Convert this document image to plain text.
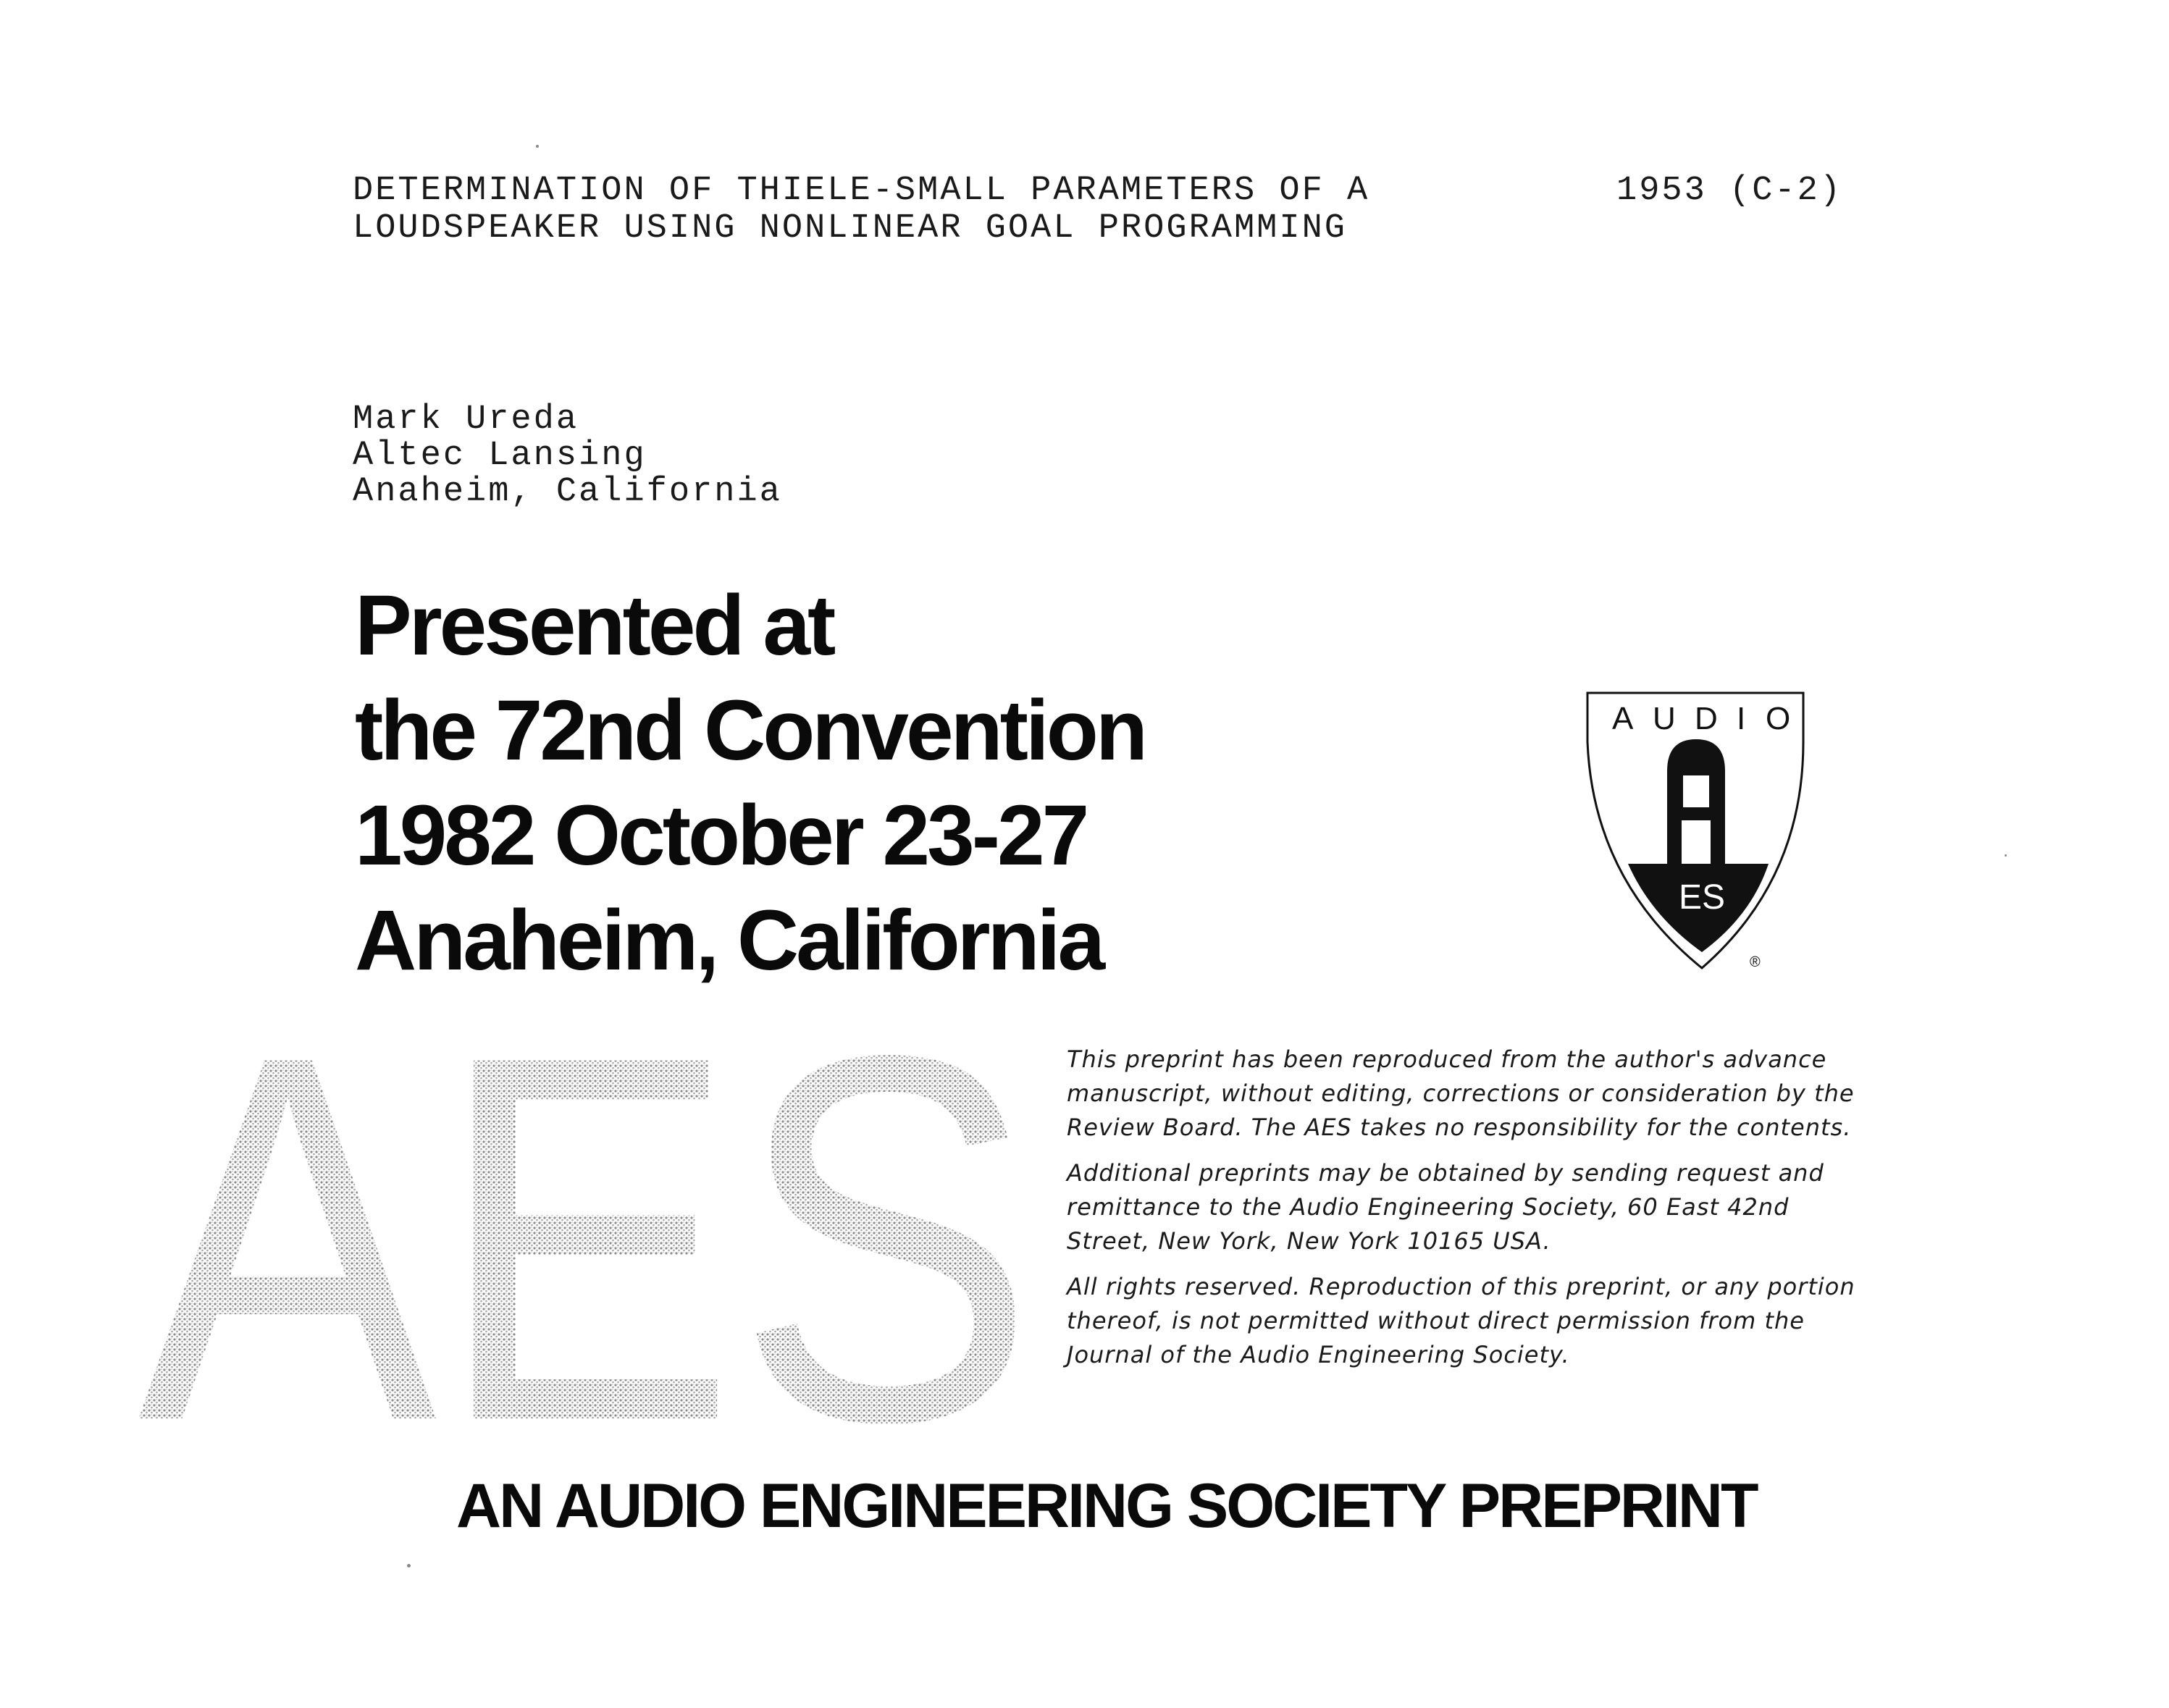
DETERMINATION OF THIELE-SMALL PARAMETERS OF A
LOUDSPEAKER USING NONLINEAR GOAL PROGRAMMING
1953 (C-2)
Mark Ureda
Altec Lansing
Anaheim, California
Presented at
the 72nd Convention
1982 October 23-27
Anaheim, California
A U D I O
ES
®
AES This preprint has been reproduced from the author's advance manuscript, without editing, corrections or consideration by the Review Board. The AES takes no responsibility for the contents.

Additional preprints may be obtained by sending request and remittance to the Audio Engineering Society, 60 East 42nd Street, New York, New York 10165 USA.

All rights reserved. Reproduction of this preprint, or any portion thereof, is not permitted without direct permission from the Journal of the Audio Engineering Society.

AN AUDIO ENGINEERING SOCIETY PREPRINT
